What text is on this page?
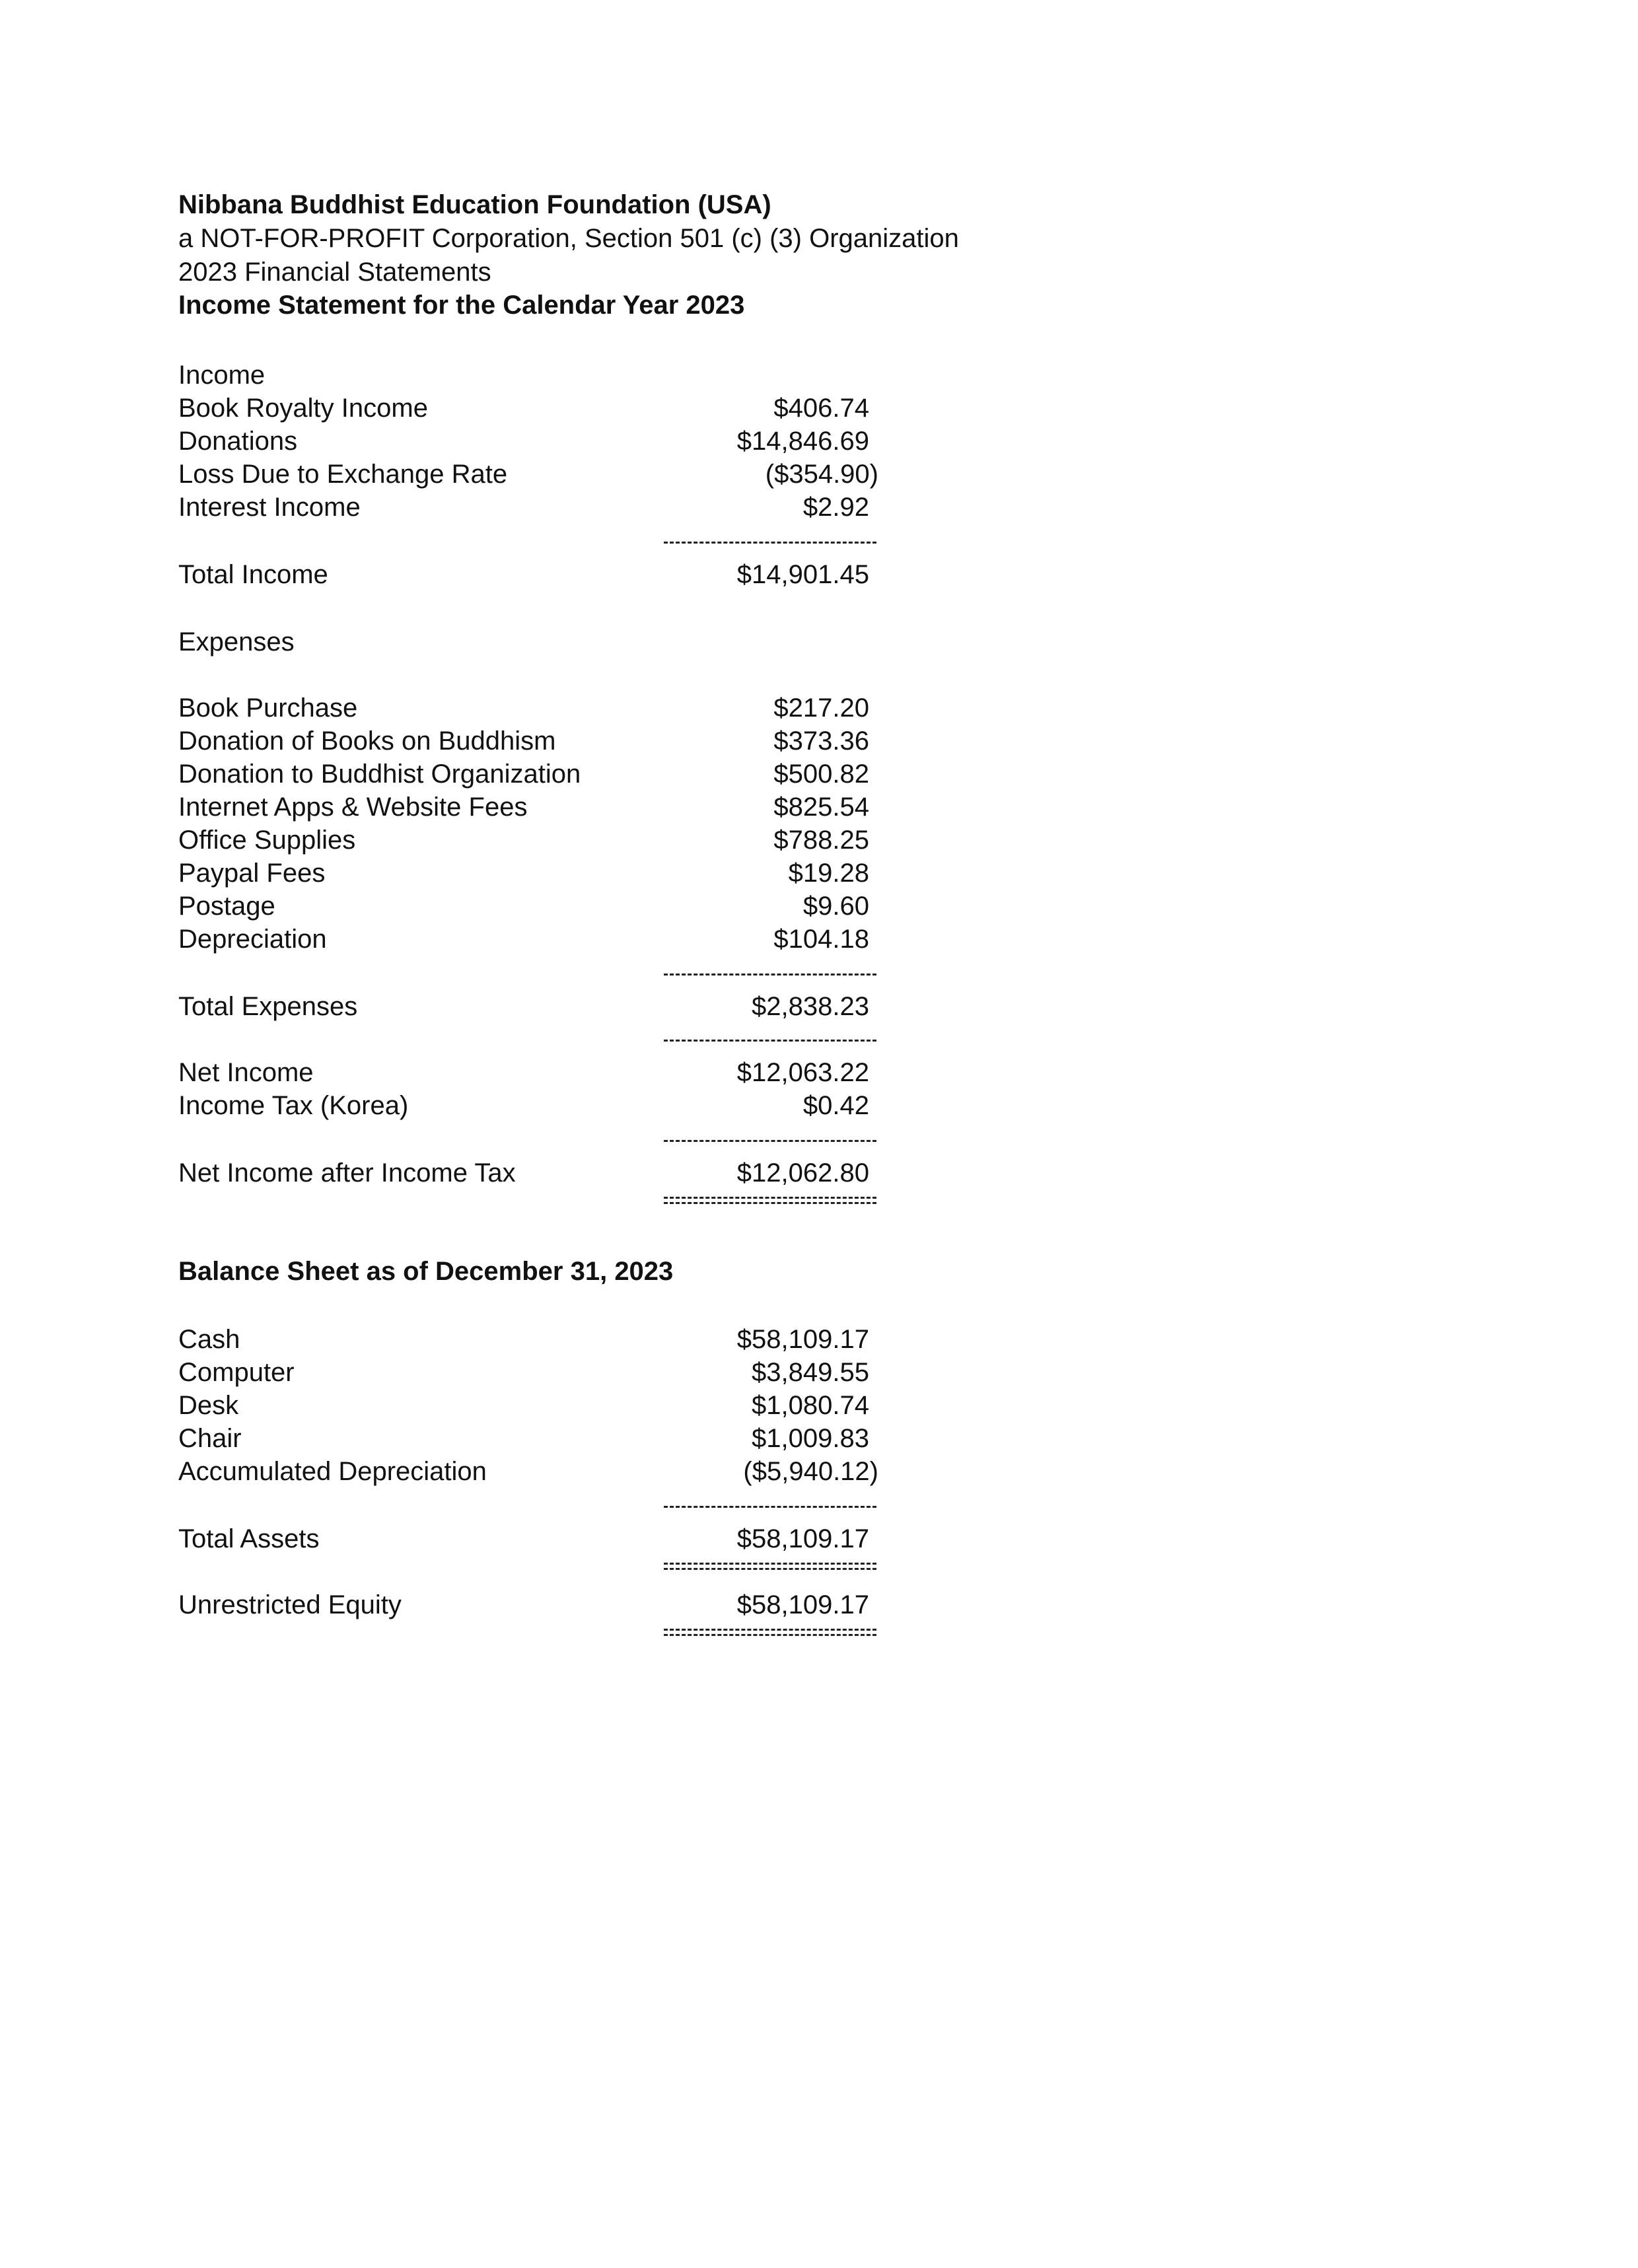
Nibbana Buddhist Education Foundation (USA)
a NOT-FOR-PROFIT Corporation, Section 501 (c) (3) Organization
2023 Financial Statements
Income Statement for the Calendar Year 2023
Income
Book Royalty Income	$406.74
Donations	$14,846.69
Loss Due to Exchange Rate	($354.90)
Interest Income	$2.92
Total Income	$14,901.45
Expenses
Book Purchase	$217.20
Donation of Books on Buddhism	$373.36
Donation to Buddhist Organization	$500.82
Internet Apps & Website Fees	$825.54
Office Supplies	$788.25
Paypal Fees	$19.28
Postage	$9.60
Depreciation	$104.18
Total Expenses	$2,838.23
Net Income	$12,063.22
Income Tax (Korea)	$0.42
Net Income after Income Tax	$12,062.80
Balance Sheet as of December 31, 2023
Cash	$58,109.17
Computer	$3,849.55
Desk	$1,080.74
Chair	$1,009.83
Accumulated Depreciation	($5,940.12)
Total Assets	$58,109.17
Unrestricted Equity	$58,109.17
